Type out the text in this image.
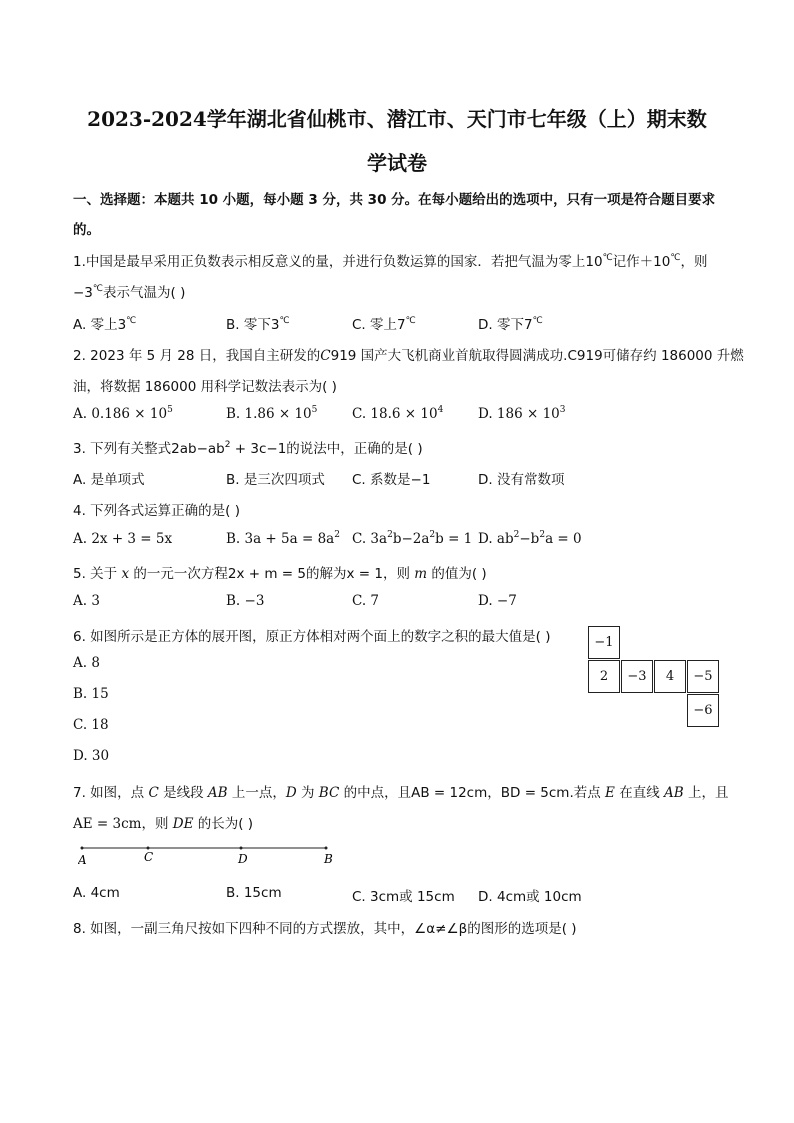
2023-2024学年湖北省仙桃市、潜江市、天门市七年级（上）期末数
学试卷
一、选择题：本题共 10 小题，每小题 3 分，共 30 分。在每小题给出的选项中，只有一项是符合题目要求
的。
1.中国是最早采用正负数表示相反意义的量，并进行负数运算的国家．若把气温为零上10℃记作＋10℃，则
−3℃表示气温为( )
A. 零上3℃	B. 零下3℃	C. 零上7℃	D. 零下7℃
2. 2023 年 5 月 28 日，我国自主研发的C919 国产大飞机商业首航取得圆满成功.C919可储存约 186000 升燃
油，将数据 186000 用科学记数法表示为( )
A. $0.186 \times 10^5$	B. $1.86 \times 10^5$	C. $18.6 \times 10^4$	D. $186 \times 10^3$
3. 下列有关整式$2ab-ab^2 + 3c-1$的说法中，正确的是( )
A. 是单项式	B. 是三次四项式 C. 系数是−1	D. 没有常数项
4. 下列各式运算正确的是( )
A. 2x + 3 = 5x	B. $3a + 5a = 8a^2$ C. $3a^2b-2a^2b = 1$ D. $ab^2-b^2a = 0$
5. 关于 x 的一元一次方程2x + m = 5的解为x = 1，则 m 的值为( )
A. 3	B. −3	C. 7	D. −7
6. 如图所示是正方体的展开图，原正方体相对两个面上的数字之积的最大值是( )
A. 8
B. 15
C. 18
D. 30
−1
2	−3	4	−5
−6
7. 如图，点 C 是线段 AB 上一点，D 为 BC 的中点，且AB = 12cm，BD = 5cm.若点 E 在直线 AB 上，且
AE = 3cm，则 DE 的长为( )
A	C	D	B
A. 4cm	B. 15cm	C. 3cm或 15cm D. 4cm或 10cm
8. 如图，一副三角尺按如下四种不同的方式摆放，其中，∠α≠∠β的图形的选项是( )
